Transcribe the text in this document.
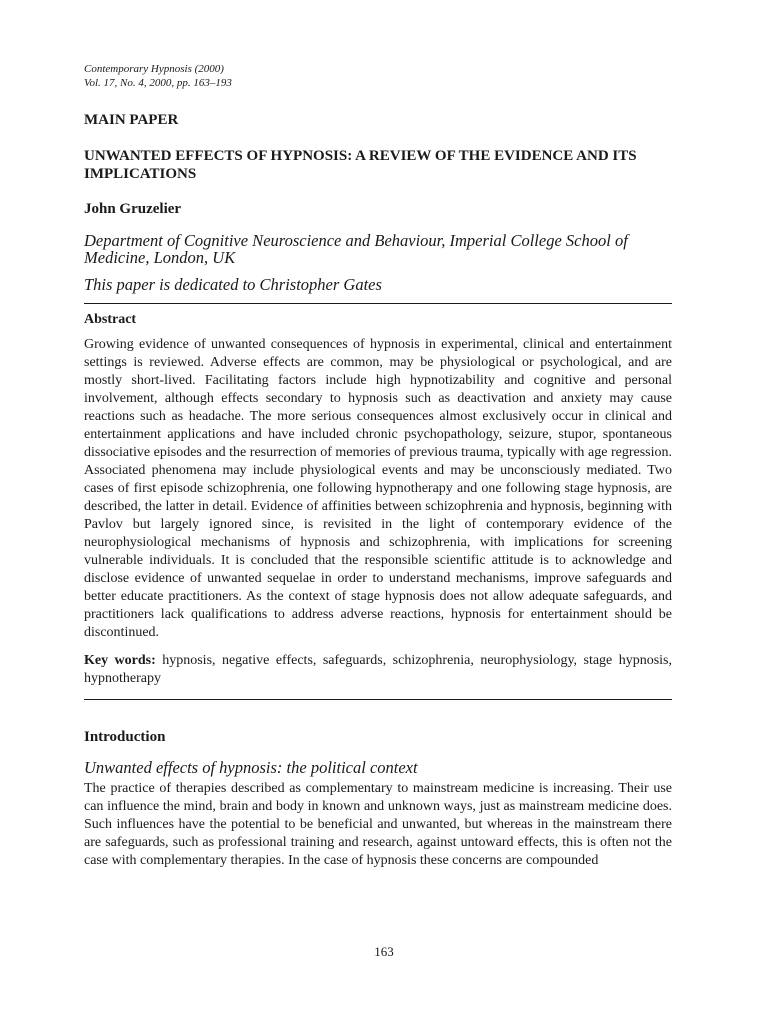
Contemporary Hypnosis (2000)
Vol. 17, No. 4, 2000, pp. 163–193
MAIN PAPER
UNWANTED EFFECTS OF HYPNOSIS: A REVIEW OF THE EVIDENCE AND ITS IMPLICATIONS
John Gruzelier
Department of Cognitive Neuroscience and Behaviour, Imperial College School of Medicine, London, UK
This paper is dedicated to Christopher Gates
Abstract
Growing evidence of unwanted consequences of hypnosis in experimental, clinical and entertainment settings is reviewed. Adverse effects are common, may be physiological or psychological, and are mostly short-lived. Facilitating factors include high hypnotizability and cognitive and personal involvement, although effects secondary to hypnosis such as deactivation and anxiety may cause reactions such as headache. The more serious consequences almost exclusively occur in clinical and entertainment applications and have included chronic psychopathology, seizure, stupor, spontaneous dissociative episodes and the resurrection of memories of previous trauma, typically with age regression. Associated phenomena may include physiological events and may be unconsciously mediated. Two cases of first episode schizophrenia, one following hypnotherapy and one following stage hypnosis, are described, the latter in detail. Evidence of affinities between schizophrenia and hypnosis, beginning with Pavlov but largely ignored since, is revisited in the light of contemporary evidence of the neurophysiological mechanisms of hypnosis and schizophrenia, with implications for screening vulnerable individuals. It is concluded that the responsible scientific attitude is to acknowledge and disclose evidence of unwanted sequelae in order to understand mechanisms, improve safeguards and better educate practitioners. As the context of stage hypnosis does not allow adequate safeguards, and practitioners lack qualifications to address adverse reactions, hypnosis for entertainment should be discontinued.
Key words: hypnosis, negative effects, safeguards, schizophrenia, neurophysiology, stage hypnosis, hypnotherapy
Introduction
Unwanted effects of hypnosis: the political context
The practice of therapies described as complementary to mainstream medicine is increasing. Their use can influence the mind, brain and body in known and unknown ways, just as mainstream medicine does. Such influences have the potential to be beneficial and unwanted, but whereas in the mainstream there are safeguards, such as professional training and research, against untoward effects, this is often not the case with complementary therapies. In the case of hypnosis these concerns are compounded
163
